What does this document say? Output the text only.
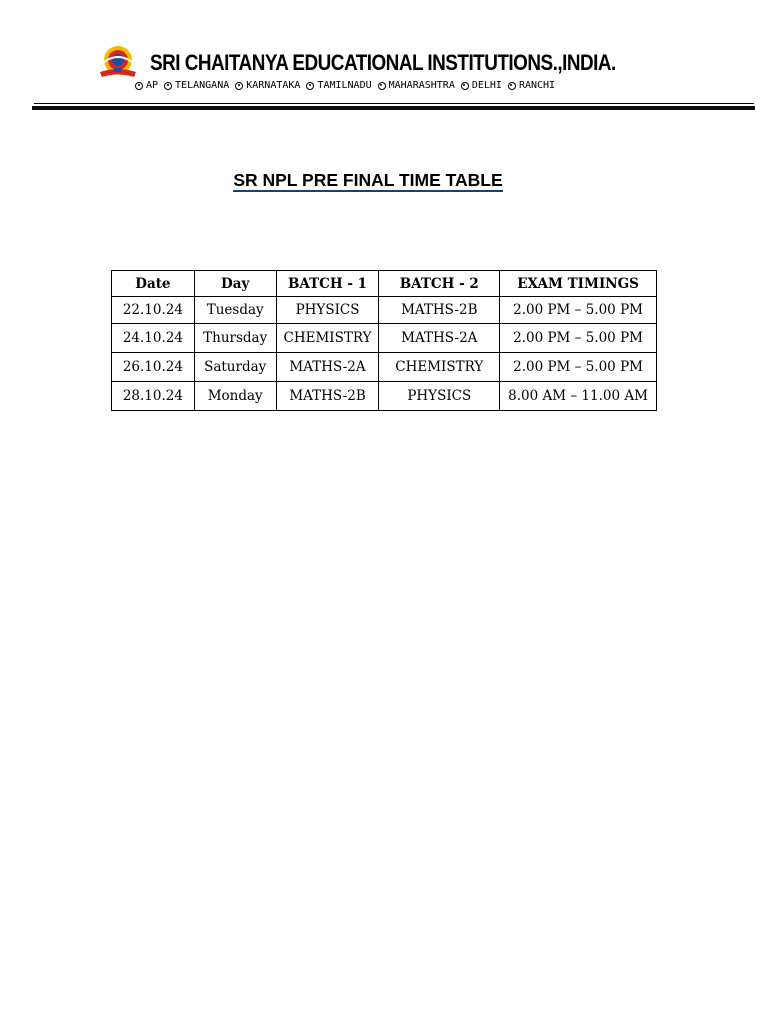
SRI CHAITANYA EDUCATIONAL INSTITUTIONS.,INDIA.
AP TELANGANA KARNATAKA TAMILNADU MAHARASHTRA DELHI RANCHI
SR NPL PRE FINAL TIME TABLE
Date	Day	BATCH - 1	BATCH - 2	EXAM TIMINGS
22.10.24	Tuesday	PHYSICS	MATHS-2B	2.00 PM – 5.00 PM
24.10.24	Thursday	CHEMISTRY	MATHS-2A	2.00 PM – 5.00 PM
26.10.24	Saturday	MATHS-2A	CHEMISTRY	2.00 PM – 5.00 PM
28.10.24	Monday	MATHS-2B	PHYSICS	8.00 AM – 11.00 AM
